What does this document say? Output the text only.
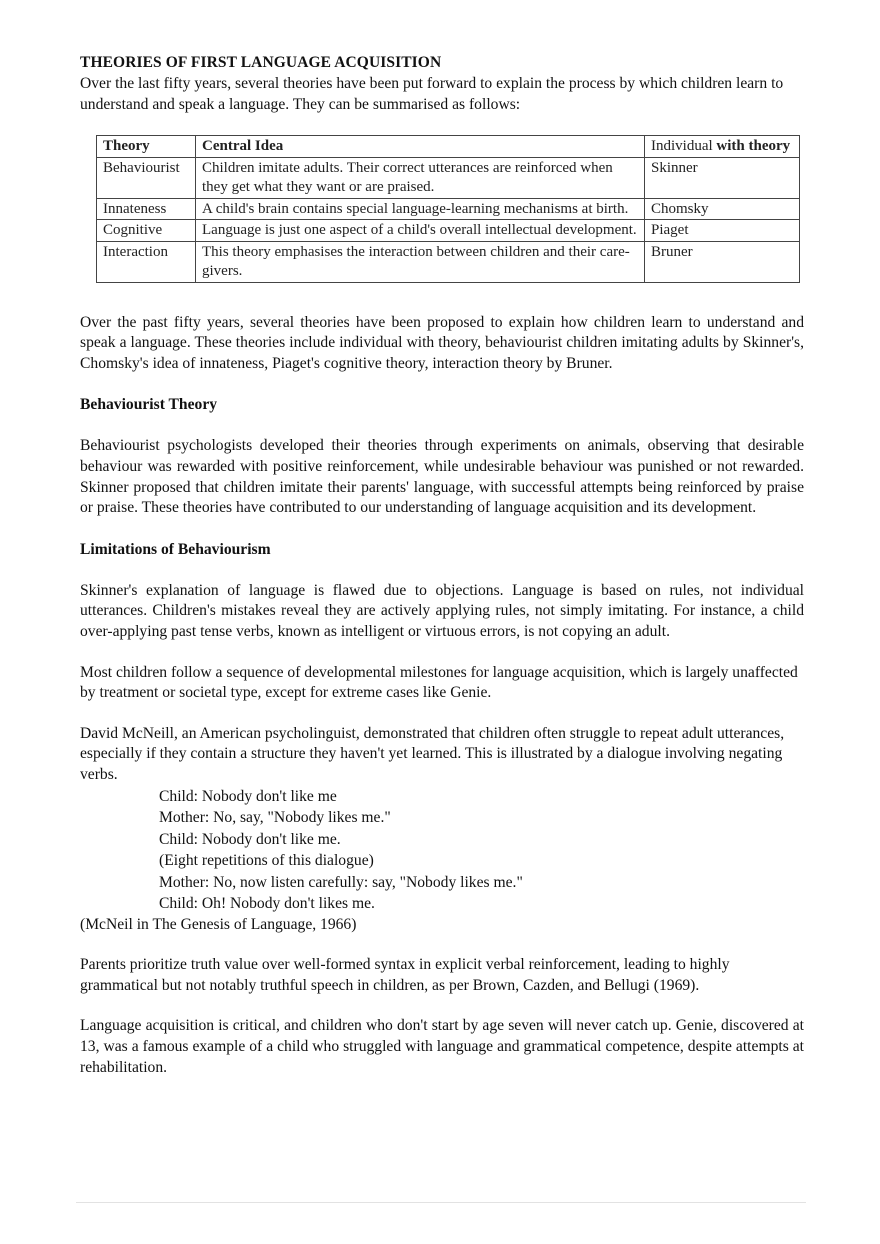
THEORIES OF FIRST LANGUAGE ACQUISITION

Over the last fifty years, several theories have been put forward to explain the process by which children learn to understand and speak a language. They can be summarised as follows:

Theory	Central Idea	Individual with theory
Behaviourist	Children imitate adults. Their correct utterances are reinforced when they get what they want or are praised.	Skinner
Innateness	A child's brain contains special language-learning mechanisms at birth.	Chomsky
Cognitive	Language is just one aspect of a child's overall intellectual development.	Piaget
Interaction	This theory emphasises the interaction between children and their care-givers.	Bruner

Over the past fifty years, several theories have been proposed to explain how children learn to understand and speak a language. These theories include individual with theory, behaviourist children imitating adults by Skinner's, Chomsky's idea of innateness, Piaget's cognitive theory, interaction theory by Bruner.

Behaviourist Theory

Behaviourist psychologists developed their theories through experiments on animals, observing that desirable behaviour was rewarded with positive reinforcement, while undesirable behaviour was punished or not rewarded. Skinner proposed that children imitate their parents' language, with successful attempts being reinforced by praise or praise. These theories have contributed to our understanding of language acquisition and its development.

Limitations of Behaviourism

Skinner's explanation of language is flawed due to objections. Language is based on rules, not individual utterances. Children's mistakes reveal they are actively applying rules, not simply imitating. For instance, a child over-applying past tense verbs, known as intelligent or virtuous errors, is not copying an adult.

Most children follow a sequence of developmental milestones for language acquisition, which is largely unaffected by treatment or societal type, except for extreme cases like Genie.

David McNeill, an American psycholinguist, demonstrated that children often struggle to repeat adult utterances, especially if they contain a structure they haven't yet learned. This is illustrated by a dialogue involving negating verbs.

Child: Nobody don't like me

Mother: No, say, "Nobody likes me."

Child: Nobody don't like me.

(Eight repetitions of this dialogue)

Mother: No, now listen carefully: say, "Nobody likes me."

Child: Oh! Nobody don't likes me.

(McNeil in The Genesis of Language, 1966)

Parents prioritize truth value over well-formed syntax in explicit verbal reinforcement, leading to highly grammatical but not notably truthful speech in children, as per Brown, Cazden, and Bellugi (1969).

Language acquisition is critical, and children who don't start by age seven will never catch up. Genie, discovered at 13, was a famous example of a child who struggled with language and grammatical competence, despite attempts at rehabilitation.
